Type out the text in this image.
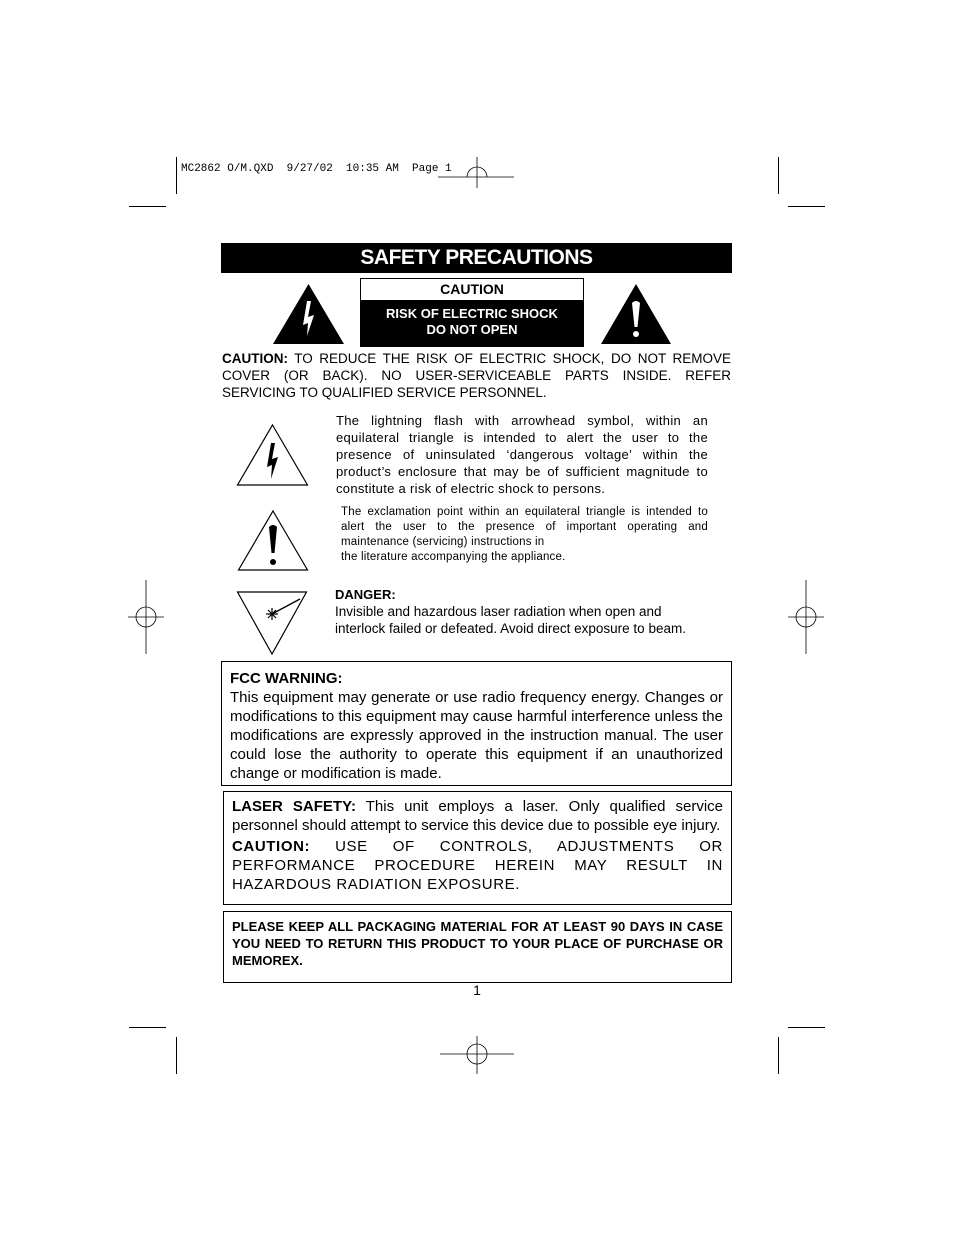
MC2862 O/M.QXD  9/27/02  10:35 AM  Page 1
SAFETY PRECAUTIONS
CAUTION
RISK OF ELECTRIC SHOCK
DO NOT OPEN
CAUTION: TO REDUCE THE RISK OF ELECTRIC SHOCK, DO NOT REMOVE COVER (OR BACK). NO USER-SERVICEABLE PARTS INSIDE. REFER SERVICING TO QUALIFIED SERVICE PERSONNEL.
The lightning flash with arrowhead symbol, within an equilateral triangle is intended to alert the user to the presence of uninsulated ‘dangerous voltage’ within the product’s enclosure that may be of sufficient magnitude to constitute a risk of electric shock to persons.
The exclamation point within an equilateral triangle is intended to alert the user to the presence of important operating and maintenance (servicing) instructions in
the literature accompanying the appliance.
DANGER:
Invisible and hazardous laser radiation when open and interlock failed or defeated. Avoid direct exposure to beam.
FCC WARNING:
This equipment may generate or use radio frequency energy. Changes or modifications to this equipment may cause harmful interference unless the modifications are expressly approved in the instruction manual. The user could lose the authority to operate this equipment if an unauthorized change or modification is made.
LASER SAFETY: This unit employs a laser. Only qualified service personnel should attempt to service this device due to possible eye injury.
CAUTION: USE OF CONTROLS, ADJUSTMENTS OR PERFORMANCE PROCEDURE HEREIN MAY RESULT IN HAZARDOUS RADIATION EXPOSURE.
PLEASE KEEP ALL PACKAGING MATERIAL FOR AT LEAST 90 DAYS IN CASE YOU NEED TO RETURN THIS PRODUCT TO YOUR PLACE OF PURCHASE OR MEMOREX.
1
